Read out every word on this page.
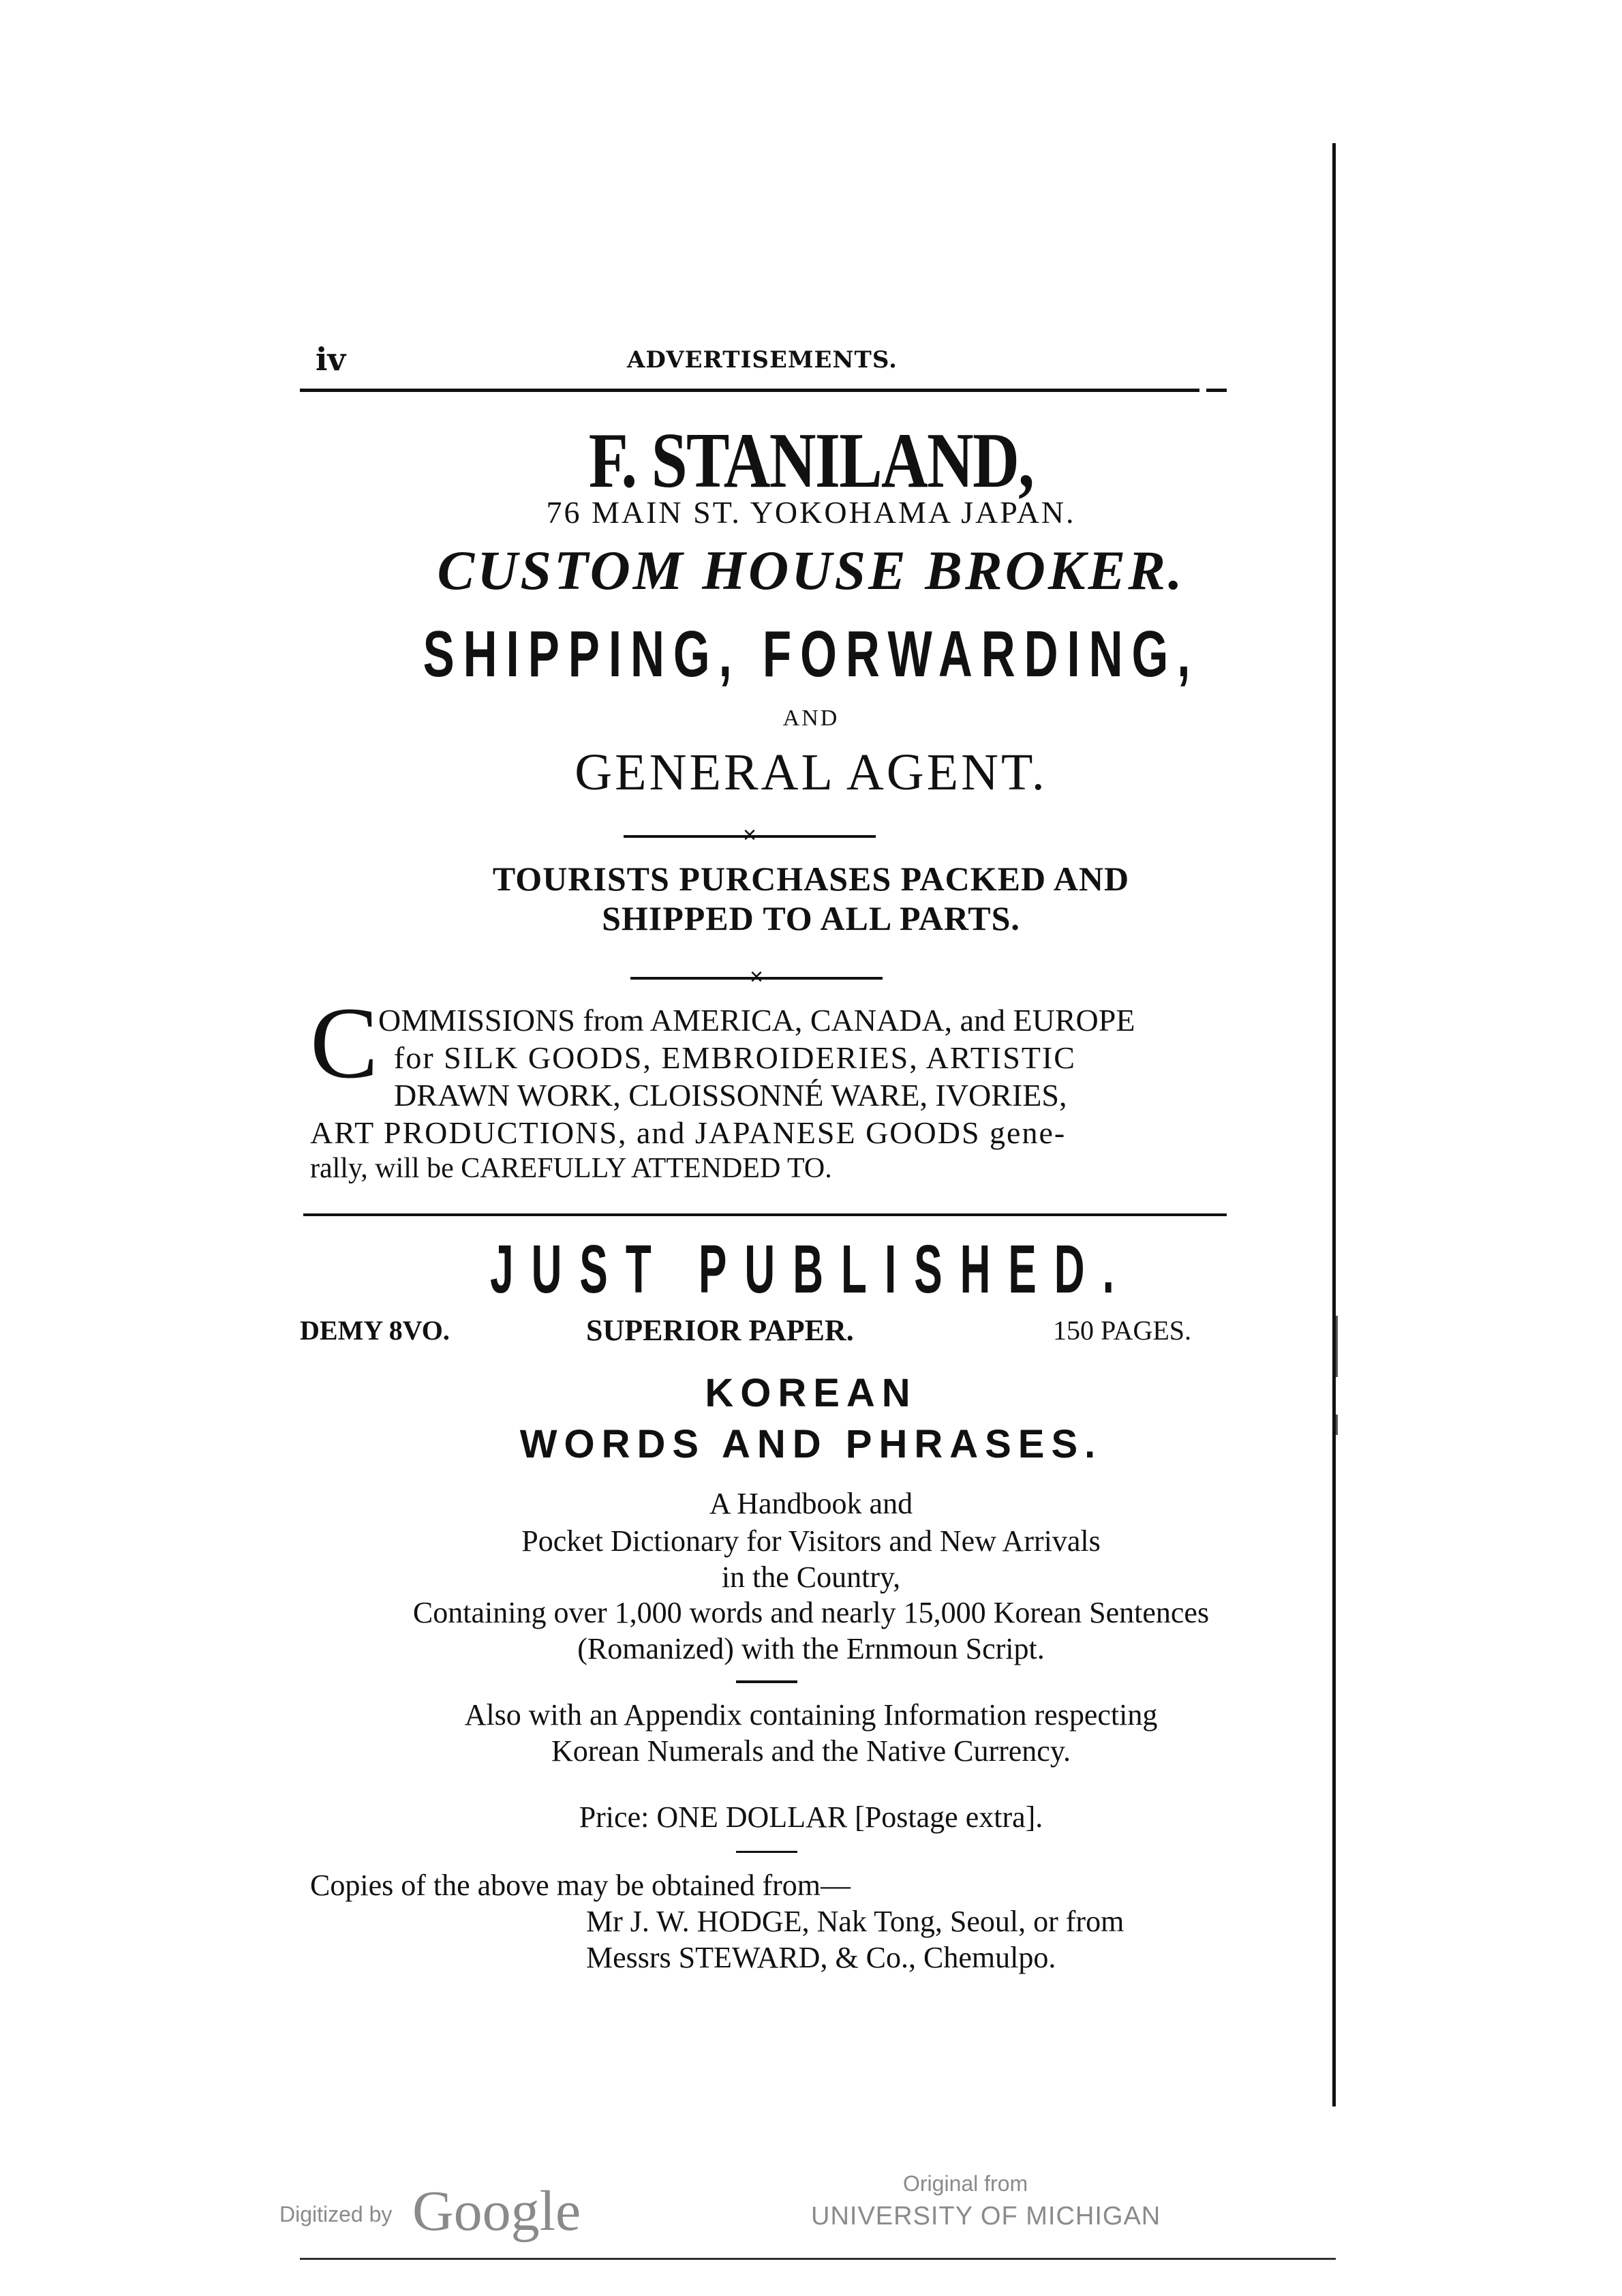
iv	ADVERTISEMENTS.
F. STANILAND,
76 MAIN ST. YOKOHAMA JAPAN.
CUSTOM HOUSE BROKER.
SHIPPING, FORWARDING,
AND
GENERAL AGENT.
✕
TOURISTS PURCHASES PACKED AND
SHIPPED TO ALL PARTS.
✕
C OMMISSIONS from AMERICA, CANADA, and EUROPE
for SILK GOODS, EMBROIDERIES, ARTISTIC
DRAWN WORK, CLOISSONNÉ WARE, IVORIES,
ART PRODUCTIONS, and JAPANESE GOODS gene-
rally, will be CAREFULLY ATTENDED TO.
JUST PUBLISHED.
DEMY 8VO.	SUPERIOR PAPER.	150 PAGES.
KOREAN
WORDS AND PHRASES.
A Handbook and
Pocket Dictionary for Visitors and New Arrivals
in the Country,
Containing over 1,000 words and nearly 15,000 Korean Sentences
(Romanized) with the Ernmoun Script.
Also with an Appendix containing Information respecting
Korean Numerals and the Native Currency.
Price: ONE DOLLAR [Postage extra].
Copies of the above may be obtained from—
Mr J. W. HODGE, Nak Tong, Seoul, or from
Messrs STEWARD, & Co., Chemulpo.
Digitized by Google	Original from
UNIVERSITY OF MICHIGAN
